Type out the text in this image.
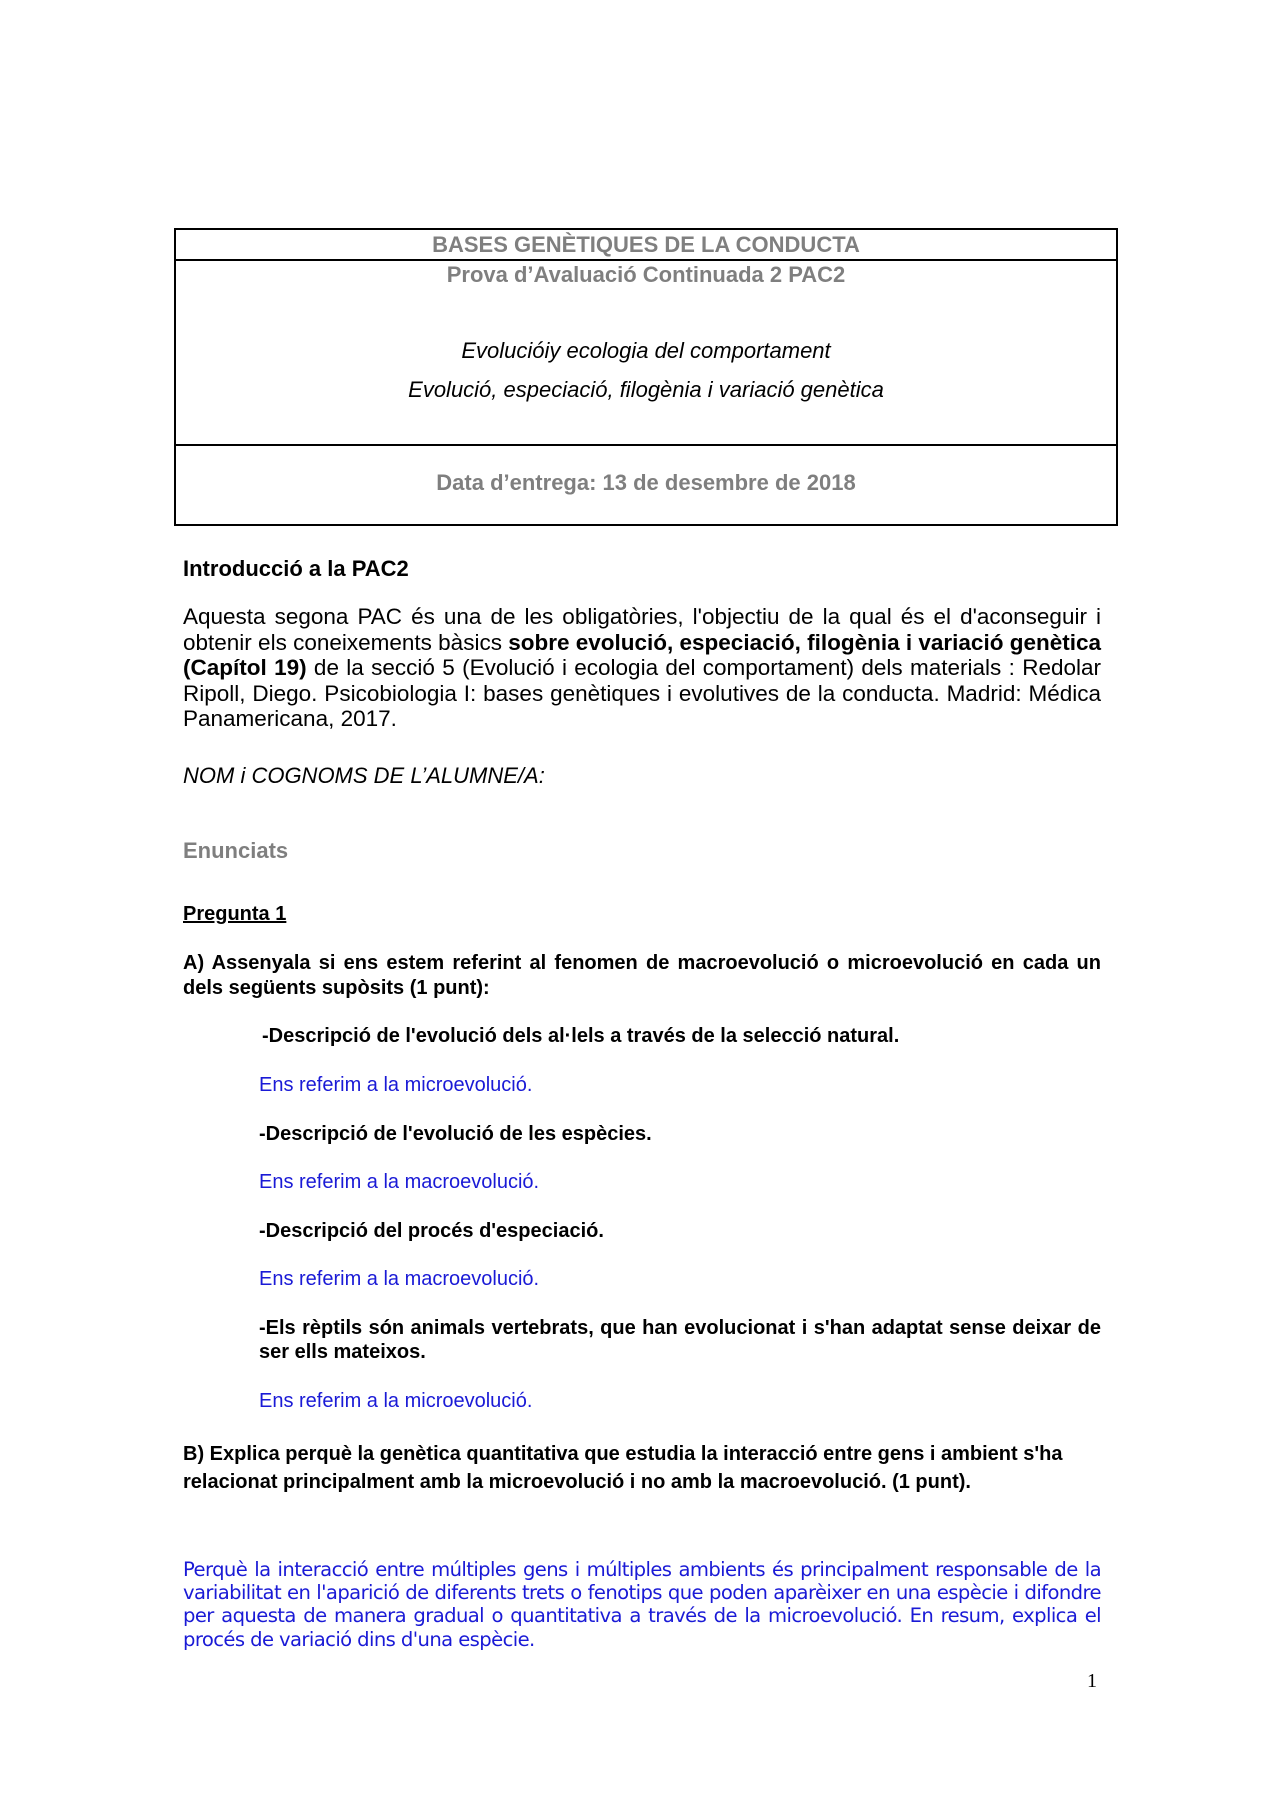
BASES GENÈTIQUES DE LA CONDUCTA
Prova d’Avaluació Continuada 2 PAC2
Evolucióiy ecologia del comportament
Evolució, especiació, filogènia i variació genètica
Data d’entrega: 13 de desembre de 2018
Introducció a la PAC2
Aquesta segona PAC és una de les obligatòries, l'objectiu de la qual és el d'aconseguir i obtenir els coneixements bàsics sobre evolució, especiació, filogènia i variació genètica (Capítol 19) de la secció 5 (Evolució i ecologia del comportament) dels materials : Redolar Ripoll, Diego. Psicobiologia I: bases genètiques i evolutives de la conducta. Madrid: Médica Panamericana, 2017.
NOM i COGNOMS DE L’ALUMNE/A:
Enunciats
Pregunta 1
A) Assenyala si ens estem referint al fenomen de macroevolució o microevolució en cada un dels següents supòsits (1 punt):
-Descripció de l'evolució dels al·lels a través de la selecció natural.
Ens referim a la microevolució.
-Descripció de l'evolució de les espècies.
Ens referim a la macroevolució.
-Descripció del procés d'especiació.
Ens referim a la macroevolució.
-Els rèptils són animals vertebrats, que han evolucionat i s'han adaptat sense deixar de ser ells mateixos.
Ens referim a la microevolució.
B) Explica perquè la genètica quantitativa que estudia la interacció entre gens i ambient s'ha relacionat principalment amb la microevolució i no amb la macroevolució. (1 punt).
Perquè la interacció entre múltiples gens i múltiples ambients és principalment responsable de la variabilitat en l'aparició de diferents trets o fenotips que poden aparèixer en una espècie i difondre per aquesta de manera gradual o quantitativa a través de la microevolució. En resum, explica el procés de variació dins d'una espècie.
1
